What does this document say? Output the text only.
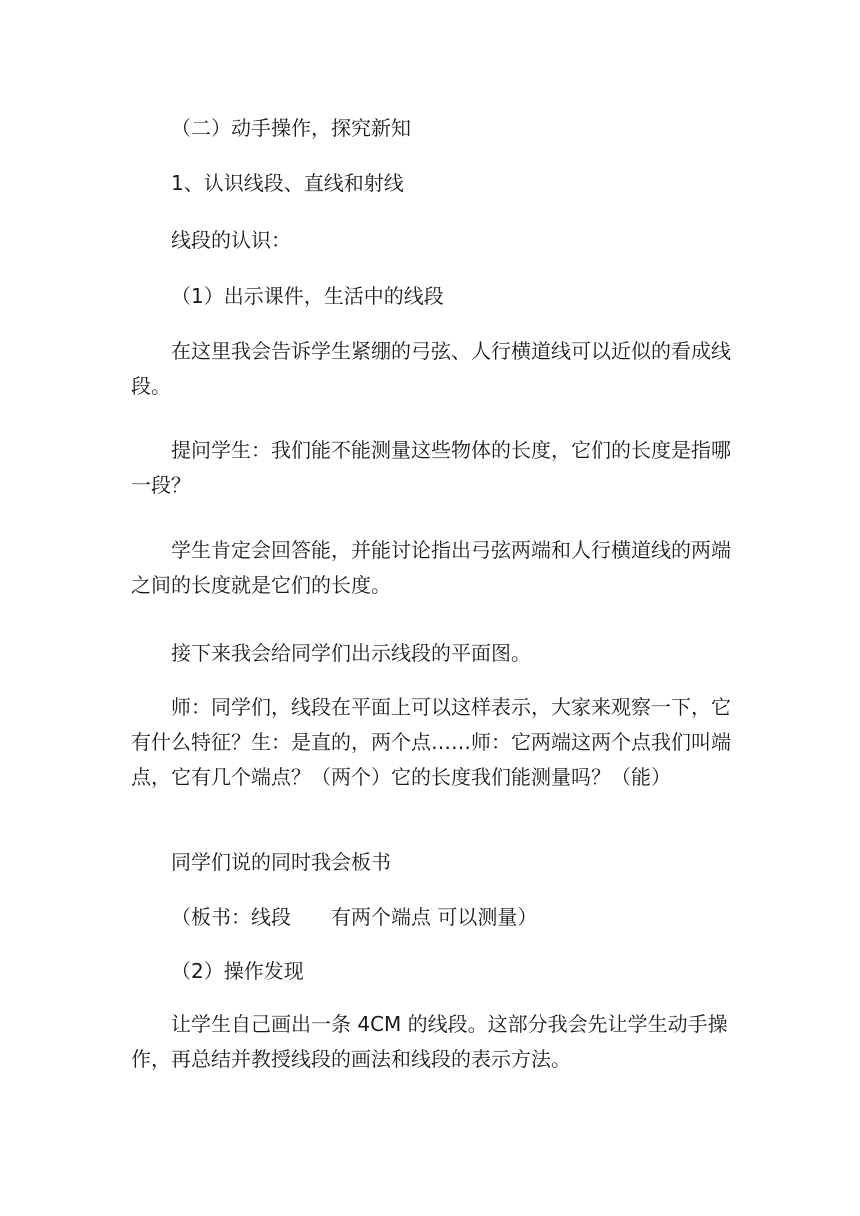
（二）动手操作，探究新知

1、认识线段、直线和射线

线段的认识：

（1）出示课件，生活中的线段

在这里我会告诉学生紧绷的弓弦、人行横道线可以近似的看成线段。

提问学生：我们能不能测量这些物体的长度，它们的长度是指哪一段？

学生肯定会回答能，并能讨论指出弓弦两端和人行横道线的两端之间的长度就是它们的长度。

接下来我会给同学们出示线段的平面图。

师：同学们，线段在平面上可以这样表示，大家来观察一下，它有什么特征？生：是直的，两个点……师：它两端这两个点我们叫端点，它有几个端点？（两个）它的长度我们能测量吗？（能）

同学们说的同时我会板书

（板书：线段　　有两个端点 可以测量）

（2）操作发现

让学生自己画出一条 4CM 的线段。这部分我会先让学生动手操作，再总结并教授线段的画法和线段的表示方法。
